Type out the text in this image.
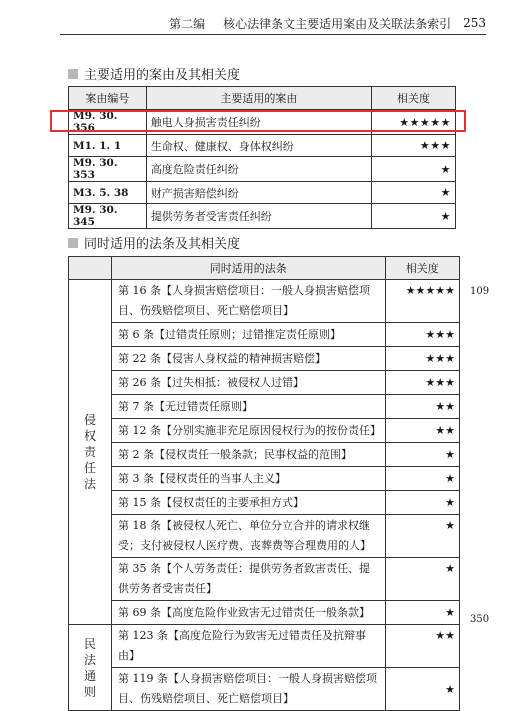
第二编 核心法律条文主要适用案由及关联法条索引 253
主要适用的案由及其相关度
案由编号	主要适用的案由	相关度
M9. 30. 356	触电人身损害责任纠纷	★★★★★
M1. 1. 1	生命权、健康权、身体权纠纷	★★★
M9. 30. 353	高度危险责任纠纷	★
M3. 5. 38	财产损害赔偿纠纷	★
M9. 30. 345	提供劳务者受害责任纠纷	★
同时适用的法条及其相关度
	同时适用的法条	相关度
侵权责任法	第 16 条【人身损害赔偿项目：一般人身损害赔偿项目、伤残赔偿项目、死亡赔偿项目】	★★★★★
	第 6 条【过错责任原则；过错推定责任原则】	★★★
	第 22 条【侵害人身权益的精神损害赔偿】	★★★
	第 26 条【过失相抵：被侵权人过错】	★★★
	第 7 条【无过错责任原则】	★★
	第 12 条【分别实施非充足原因侵权行为的按份责任】	★★
	第 2 条【侵权责任一般条款；民事权益的范围】	★
	第 3 条【侵权责任的当事人主义】	★
	第 15 条【侵权责任的主要承担方式】	★
	第 18 条【被侵权人死亡、单位分立合并的请求权继受；支付被侵权人医疗费、丧葬费等合理费用的人】	★
	第 35 条【个人劳务责任：提供劳务者致害责任、提供劳务者受害责任】	★
	第 69 条【高度危险作业致害无过错责任一般条款】	★
民法通则	第 123 条【高度危险行为致害无过错责任及抗辩事由】	★★
	第 119 条【人身损害赔偿项目：一般人身损害赔偿项目、伤残赔偿项目、死亡赔偿项目】	★
109
350
